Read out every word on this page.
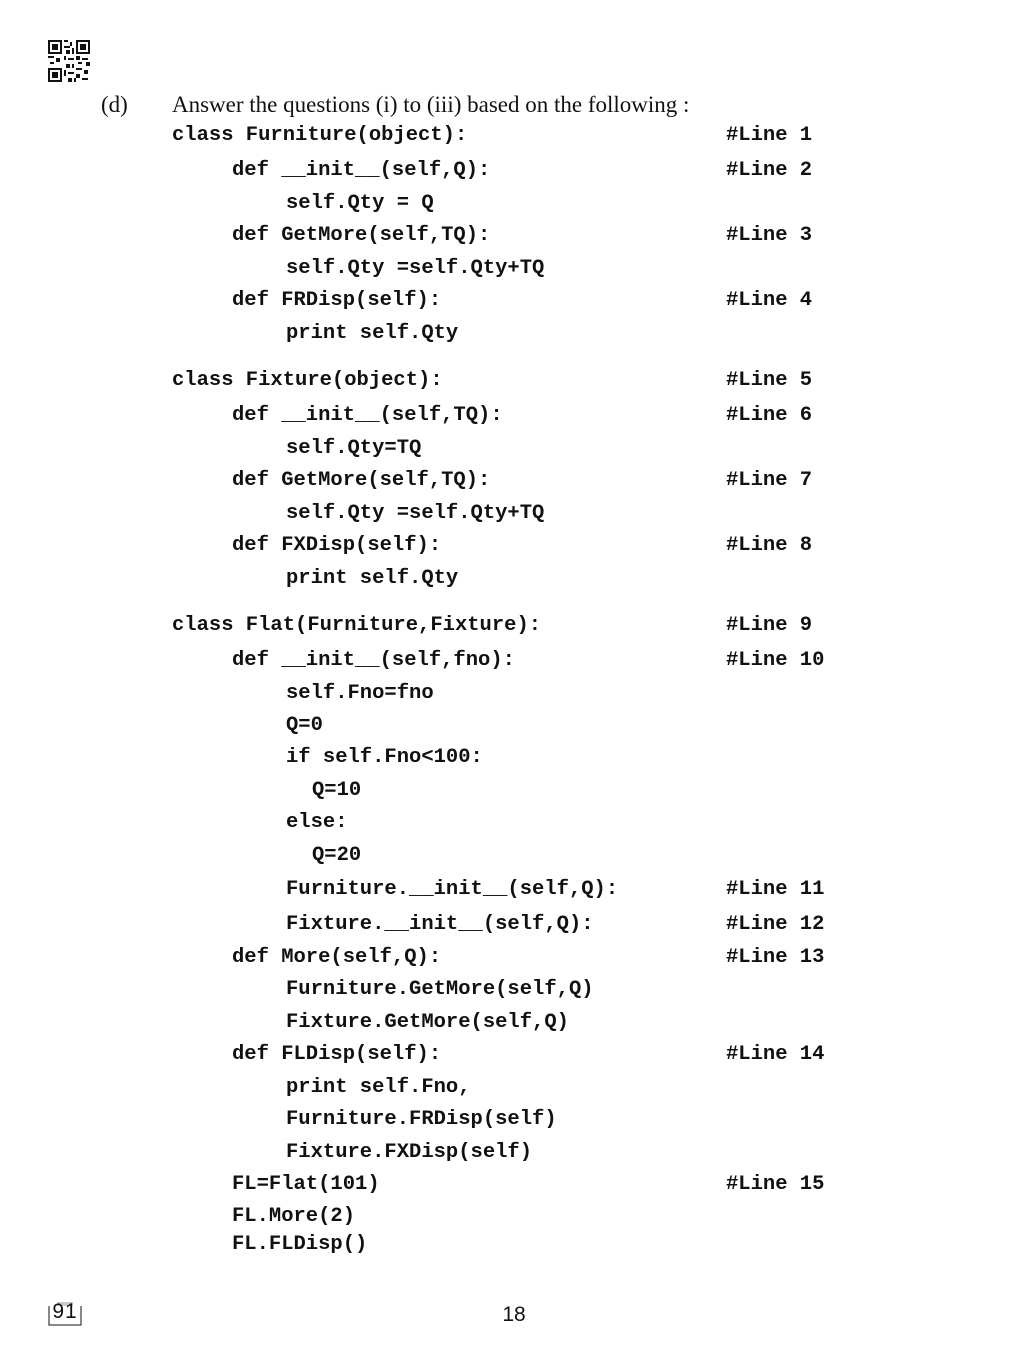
(d) Answer the questions (i) to (iii) based on the following :
class Furniture(object):	#Line 1
def __init__(self,Q):	#Line 2
self.Qty = Q
def GetMore(self,TQ):	#Line 3
self.Qty =self.Qty+TQ
def FRDisp(self):	#Line 4
print self.Qty
class Fixture(object):	#Line 5
def __init__(self,TQ):	#Line 6
self.Qty=TQ
def GetMore(self,TQ):	#Line 7
self.Qty =self.Qty+TQ
def FXDisp(self):	#Line 8
print self.Qty
class Flat(Furniture,Fixture):	#Line 9
def __init__(self,fno):	#Line 10
self.Fno=fno
Q=0
if self.Fno<100:
Q=10
else:
Q=20
Furniture.__init__(self,Q):	#Line 11
Fixture.__init__(self,Q):	#Line 12
def More(self,Q):	#Line 13
Furniture.GetMore(self,Q)
Fixture.GetMore(self,Q)
def FLDisp(self):	#Line 14
print self.Fno,
Furniture.FRDisp(self)
Fixture.FXDisp(self)
FL=Flat(101)	#Line 15
FL.More(2)
FL.FLDisp()
91	18
